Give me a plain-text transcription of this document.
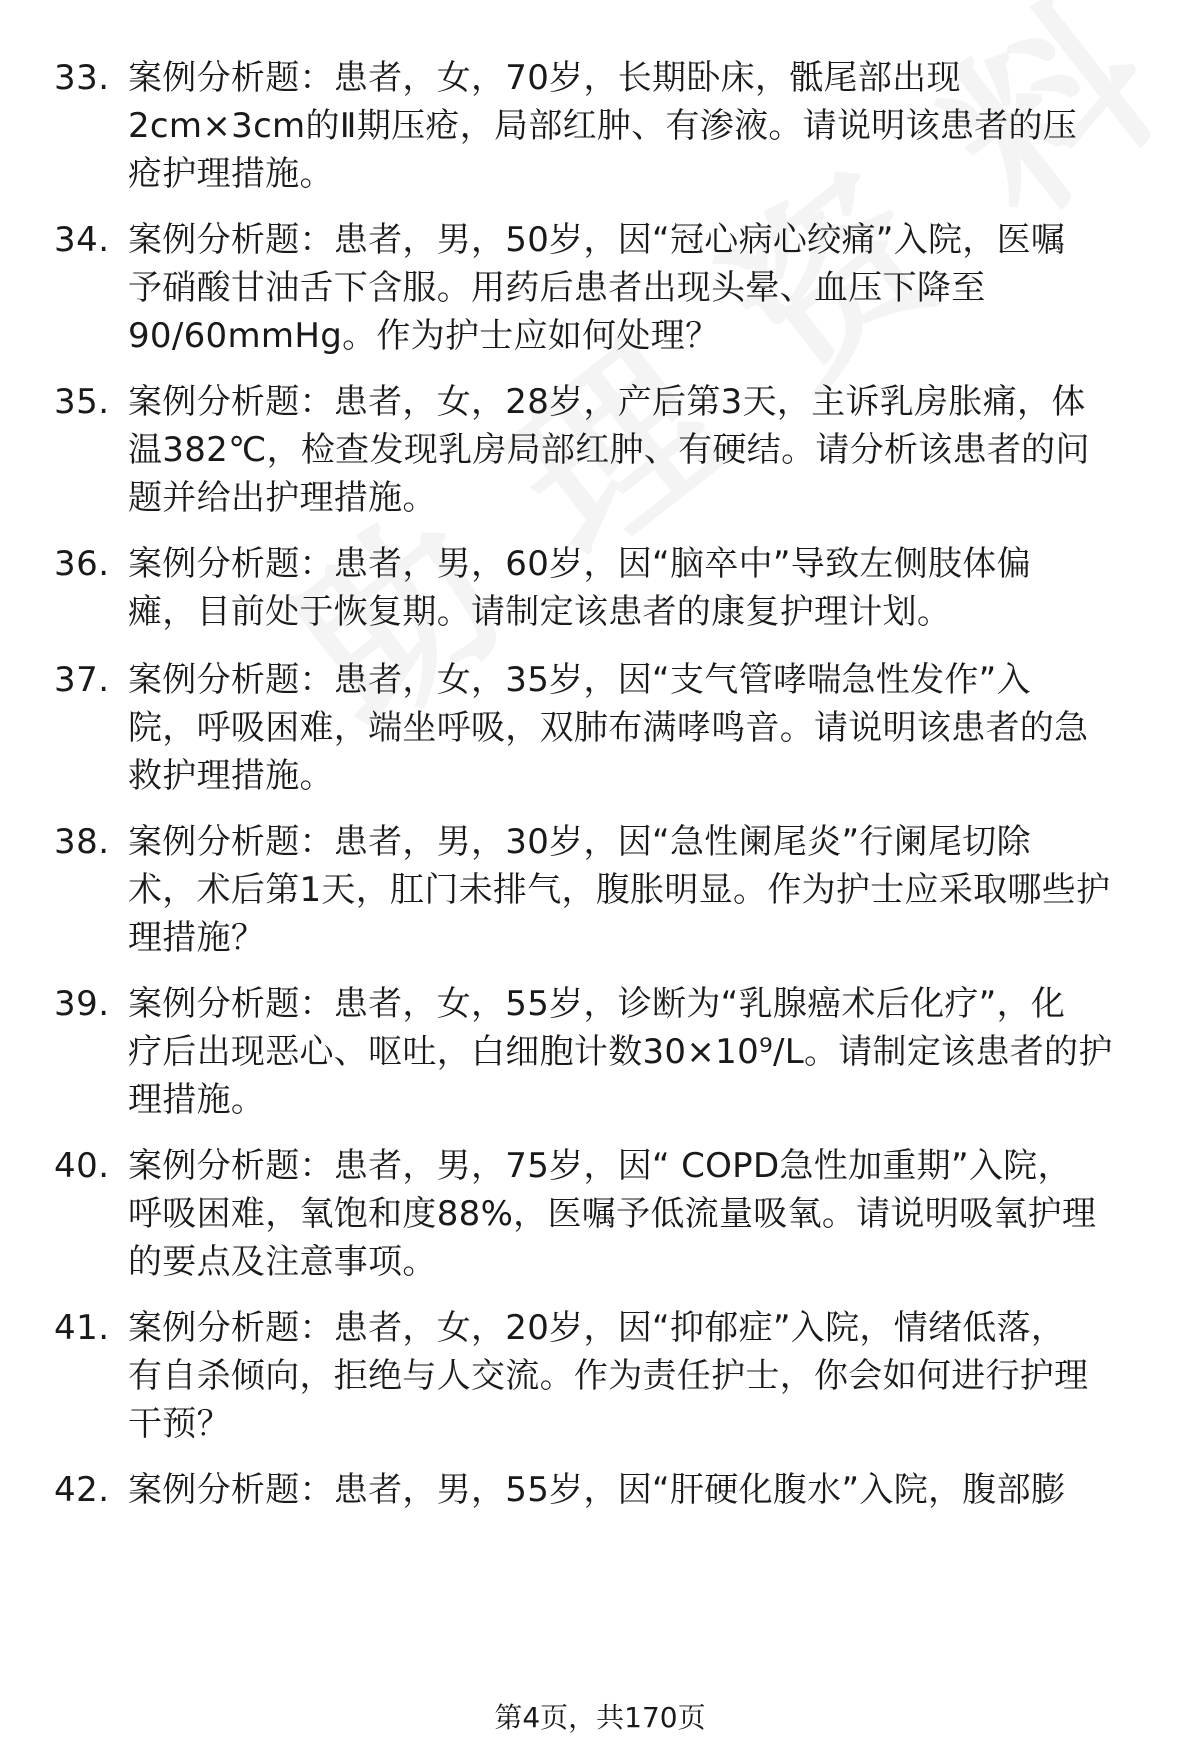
33. 案例分析题：患者，女，70岁，长期卧床，骶尾部出现
2cm×3cm的Ⅱ期压疮，局部红肿、有渗液。请说明该患者的压
疮护理措施。
34. 案例分析题：患者，男，50岁，因“冠心病心绞痛”入院，医嘱
予硝酸甘油舌下含服。用药后患者出现头晕、血压下降至
90/60mmHg。作为护士应如何处理？
35. 案例分析题：患者，女，28岁，产后第3天，主诉乳房胀痛，体
温382℃，检查发现乳房局部红肿、有硬结。请分析该患者的问
题并给出护理措施。
36. 案例分析题：患者，男，60岁，因“脑卒中”导致左侧肢体偏
瘫，目前处于恢复期。请制定该患者的康复护理计划。
37. 案例分析题：患者，女，35岁，因“支气管哮喘急性发作”入
院，呼吸困难，端坐呼吸，双肺布满哮鸣音。请说明该患者的急
救护理措施。
38. 案例分析题：患者，男，30岁，因“急性阑尾炎”行阑尾切除
术，术后第1天，肛门未排气，腹胀明显。作为护士应采取哪些护
理措施？
39. 案例分析题：患者，女，55岁，诊断为“乳腺癌术后化疗”，化
疗后出现恶心、呕吐，白细胞计数30×10⁹/L。请制定该患者的护
理措施。
40. 案例分析题：患者，男，75岁，因“ COPD急性加重期”入院，
呼吸困难，氧饱和度88%，医嘱予低流量吸氧。请说明吸氧护理
的要点及注意事项。
41. 案例分析题：患者，女，20岁，因“抑郁症”入院，情绪低落，
有自杀倾向，拒绝与人交流。作为责任护士，你会如何进行护理
干预？
42. 案例分析题：患者，男，55岁，因“肝硬化腹水”入院，腹部膨
第4页，共170页
